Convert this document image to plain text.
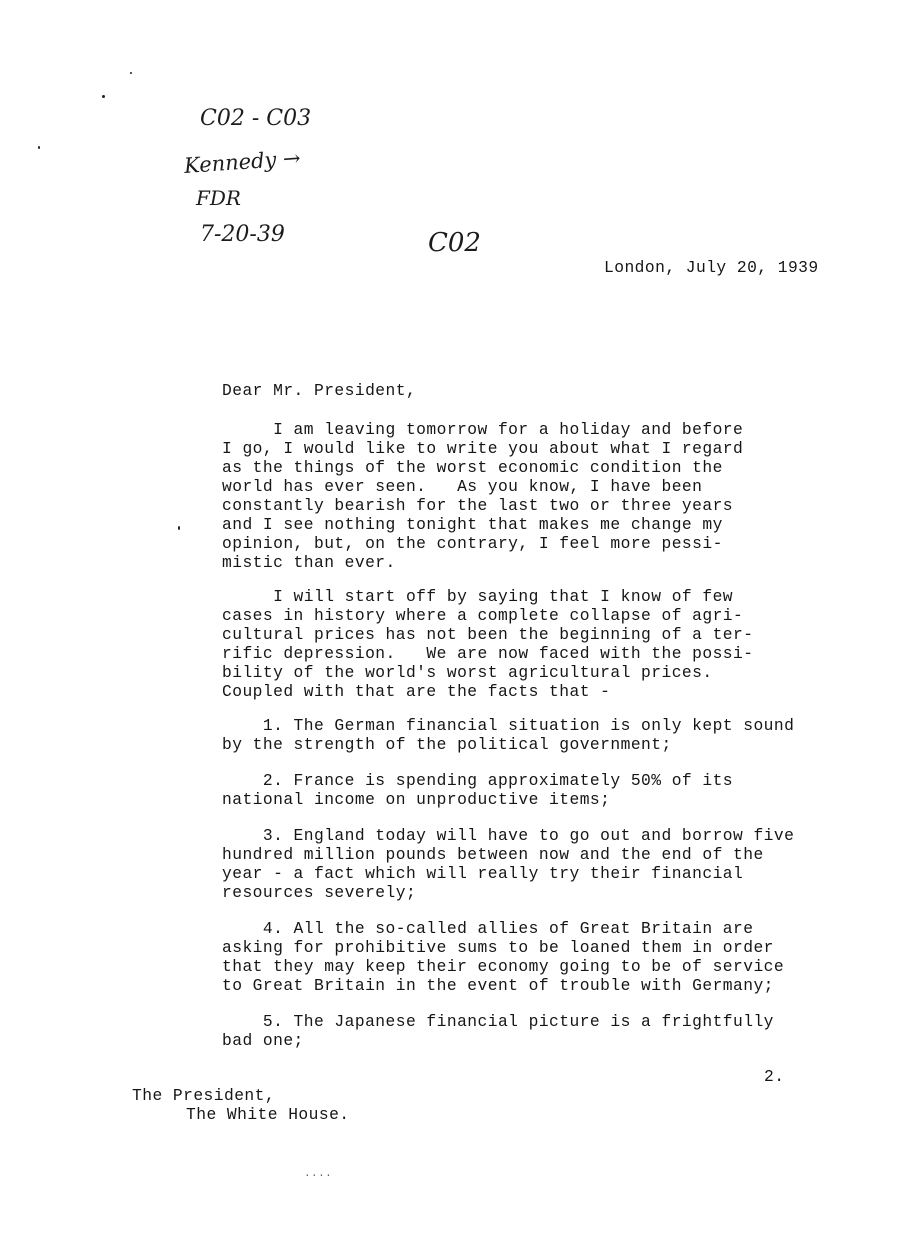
C02 - C03
Kennedy →
FDR
7-20-39	C02
London, July 20, 1939
Dear Mr. President,
I am leaving tomorrow for a holiday and before
I go, I would like to write you about what I regard
as the things of the worst economic condition the
world has ever seen.   As you know, I have been
constantly bearish for the last two or three years
and I see nothing tonight that makes me change my
opinion, but, on the contrary, I feel more pessi-
mistic than ever.
I will start off by saying that I know of few
cases in history where a complete collapse of agri-
cultural prices has not been the beginning of a ter-
rific depression.   We are now faced with the possi-
bility of the world's worst agricultural prices.
Coupled with that are the facts that -
1. The German financial situation is only kept sound
by the strength of the political government;
2. France is spending approximately 50% of its
national income on unproductive items;
3. England today will have to go out and borrow five
hundred million pounds between now and the end of the
year - a fact which will really try their financial
resources severely;
4. All the so-called allies of Great Britain are
asking for prohibitive sums to be loaned them in order
that they may keep their economy going to be of service
to Great Britain in the event of trouble with Germany;
5. The Japanese financial picture is a frightfully
bad one;
2.
The President,
The White House.
....
